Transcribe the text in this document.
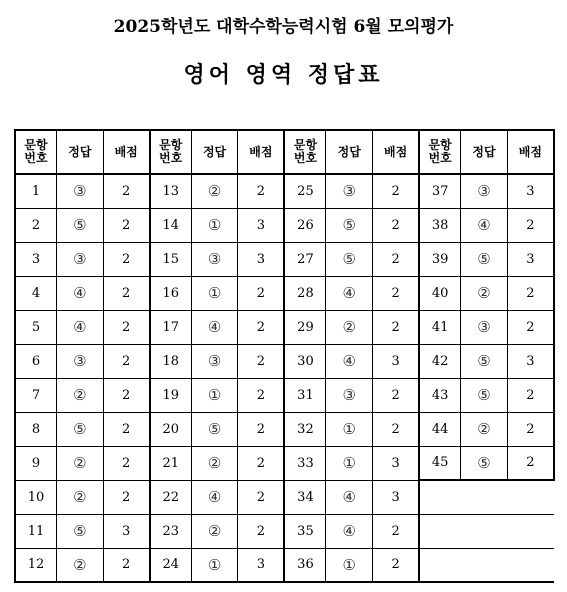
2025학년도 대학수학능력시험 6월 모의평가
영어 영역 정답표
문항
번호	정답	배점	문항
번호	정답	배점	문항
번호	정답	배점	문항
번호	정답	배점
1	③	2	13	②	2	25	③	2	37	③	3
2	⑤	2	14	①	3	26	⑤	2	38	④	2
3	③	2	15	③	3	27	⑤	2	39	⑤	3
4	④	2	16	①	2	28	④	2	40	②	2
5	④	2	17	④	2	29	②	2	41	③	2
6	③	2	18	③	2	30	④	3	42	⑤	3
7	②	2	19	①	2	31	③	2	43	⑤	2
8	⑤	2	20	⑤	2	32	①	2	44	②	2
9	②	2	21	②	2	33	①	3	45	⑤	2
10	②	2	22	④	2	34	④	3			
11	⑤	3	23	②	2	35	④	2			
12	②	2	24	①	3	36	①	2			
